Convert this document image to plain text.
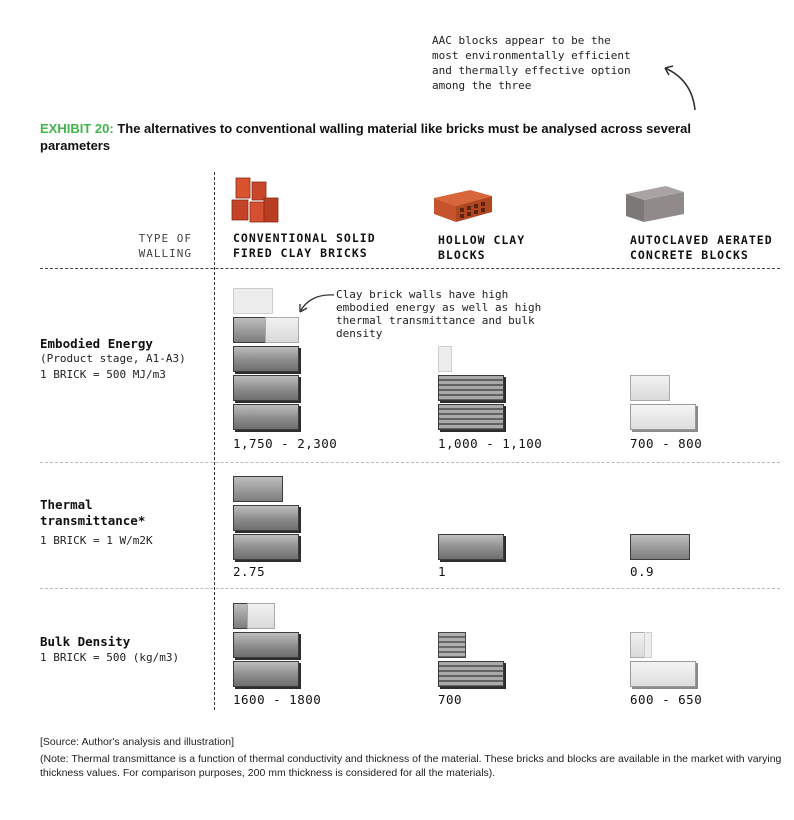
AAC blocks appear to be the
most environmentally efficient
and thermally effective option
among the three
EXHIBIT 20: The alternatives to conventional walling material like bricks must be analysed across several parameters
TYPE OF
WALLING
CONVENTIONAL SOLID
FIRED CLAY BRICKS
HOLLOW CLAY
BLOCKS
AUTOCLAVED AERATED
CONCRETE BLOCKS
Embodied Energy
(Product stage, A1-A3)
1 BRICK = 500 MJ/m3
Clay brick walls have high
embodied energy as well as high
thermal transmittance and bulk
density
1,750 - 2,300	1,000 - 1,100	700 - 800
Thermal transmittance*
1 BRICK = 1 W/m2K
2.75	1	0.9
Bulk Density
1 BRICK = 500 (kg/m3)
1600 - 1800	700	600 - 650
[Source: Author's analysis and illustration]
(Note: Thermal transmittance is a function of thermal conductivity and thickness of the material. These bricks and blocks are available in the market with varying thickness values. For comparison purposes, 200 mm thickness is considered for all the materials).
